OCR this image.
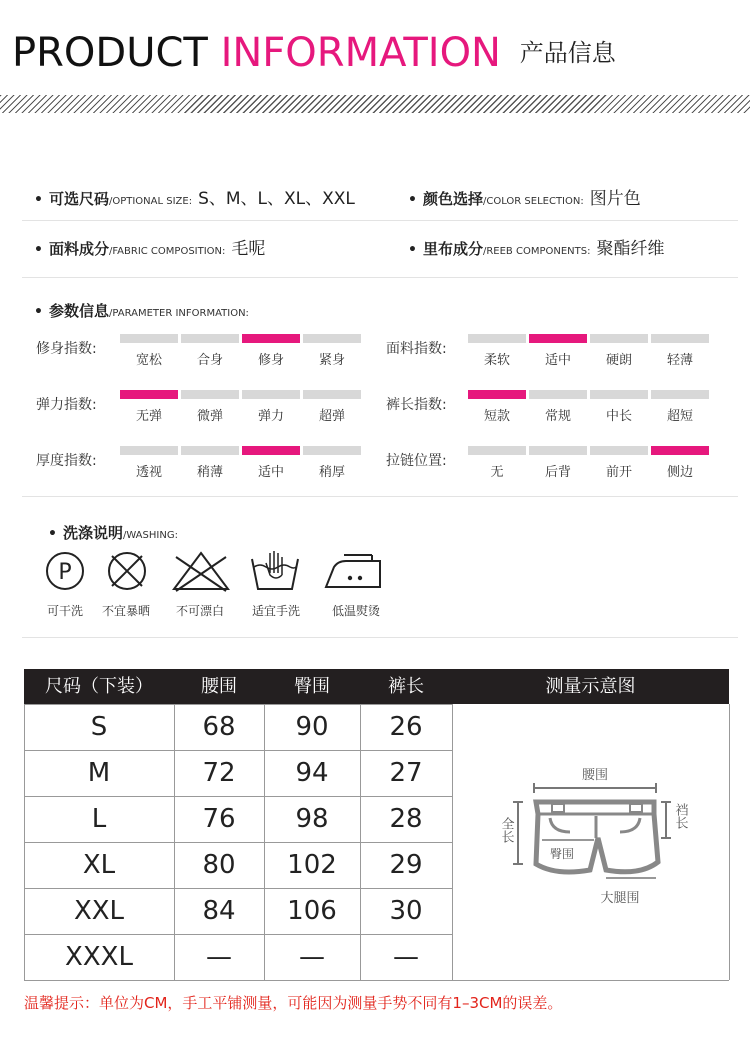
PRODUCT INFORMATION 产品信息
• 可选尺码/OPTIONAL SIZE: S、M、L、XL、XXL	• 颜色选择/COLOR SELECTION: 图片色
• 面料成分/FABRIC COMPOSITION: 毛呢	• 里布成分/REEB COMPONENTS: 聚酯纤维
• 参数信息/PARAMETER INFORMATION:
修身指数:
宽松	合身	修身	紧身
弹力指数:
无弹	微弹	弹力	超弹
厚度指数:
透视	稍薄	适中	稍厚
面料指数:
柔软	适中	硬朗	轻薄
裤长指数:
短款	常规	中长	超短
拉链位置:
无	后背	前开	侧边
• 洗涤说明/WASHING:
P
可干洗	不宜暴晒	不可漂白	适宜手洗	低温熨烫
尺码（下装）	腰围	臀围	裤长	测量示意图
S	68	90	26
M	72	94	27
L	76	98	28
XL	80	102	29
XXL	84	106	30
XXXL	—	—	—
腰围
臀围
大腿围
全长
裆长
温馨提示：单位为CM，手工平铺测量，可能因为测量手势不同有1–3CM的误差。
